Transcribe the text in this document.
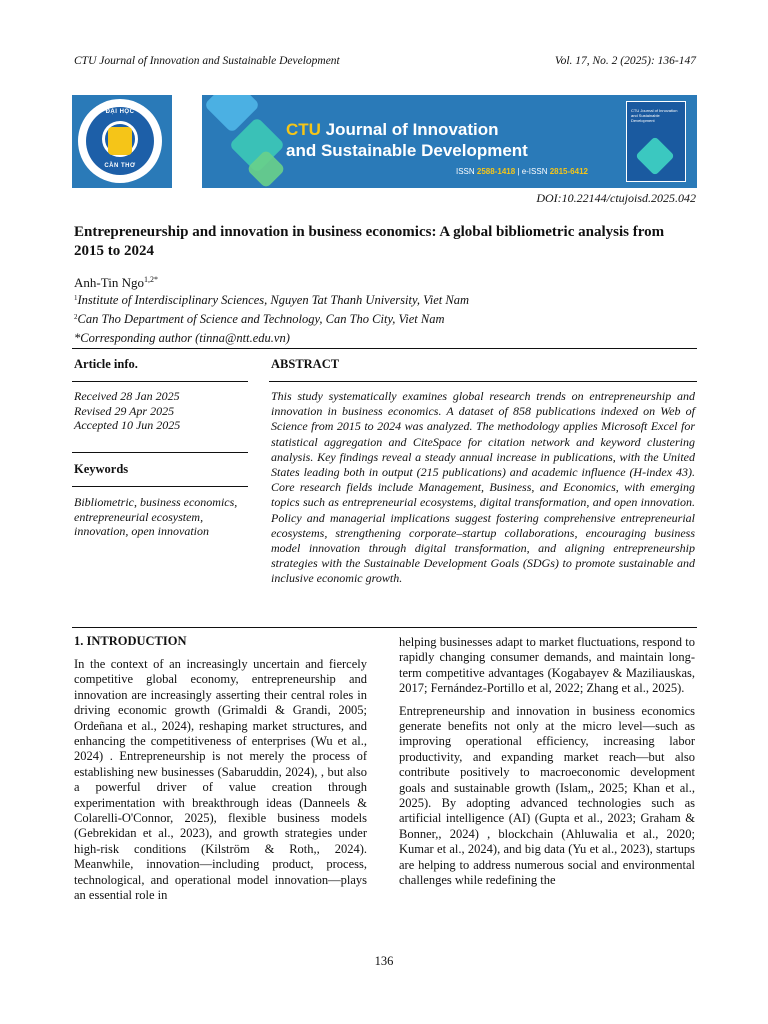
CTU Journal of Innovation and Sustainable Development	Vol. 17, No. 2 (2025): 136-147
ĐẠI HỌC
CẦN THƠ
CTU Journal of Innovation
and Sustainable Development
ISSN 2588-1418 | e-ISSN 2815-6412
CTU Journal of Innovation and Sustainable Development
DOI:10.22144/ctujoisd.2025.042
Entrepreneurship and innovation in business economics: A global bibliometric analysis from 2015 to 2024
Anh-Tin Ngo$^{1,2*}$
$^1$Institute of Interdisciplinary Sciences, Nguyen Tat Thanh University, Viet Nam
$^2$Can Tho Department of Science and Technology, Can Tho City, Viet Nam
*Corresponding author (tinna@ntt.edu.vn)
Article info.
Received 28 Jan 2025
Revised 29 Apr 2025
Accepted 10 Jun 2025
Keywords
Bibliometric, business economics, entrepreneurial ecosystem, innovation, open innovation
ABSTRACT
This study systematically examines global research trends on entrepreneurship and innovation in business economics. A dataset of 858 publications indexed on Web of Science from 2015 to 2024 was analyzed. The methodology applies Microsoft Excel for statistical aggregation and CiteSpace for citation network and keyword clustering analysis. Key findings reveal a steady annual increase in publications, with the United States leading both in output (215 publications) and academic influence (H-index 43). Core research fields include Management, Business, and Economics, with emerging topics such as entrepreneurial ecosystems, digital transformation, and open innovation. Policy and managerial implications suggest fostering comprehensive entrepreneurial ecosystems, strengthening corporate–startup collaborations, encouraging business model innovation through digital transformation, and aligning entrepreneurship strategies with the Sustainable Development Goals (SDGs) to promote sustainable and inclusive economic growth.
1. INTRODUCTION

In the context of an increasingly uncertain and fiercely competitive global economy, entrepreneurship and innovation are increasingly asserting their central roles in driving economic growth (Grimaldi & Grandi, 2005; Ordeñana et al., 2024), reshaping market structures, and enhancing the competitiveness of enterprises (Wu et al., 2024) . Entrepreneurship is not merely the process of establishing new businesses (Sabaruddin, 2024), , but also a powerful driver of value creation through experimentation with breakthrough ideas (Danneels & Colarelli-O'Connor, 2025), flexible business models (Gebrekidan et al., 2023), and growth strategies under high-risk conditions (Kilström & Roth,, 2024). Meanwhile, innovation—including product, process, technological, and operational model innovation—plays an essential role in

helping businesses adapt to market fluctuations, respond to rapidly changing consumer demands, and maintain long-term competitive advantages (Kogabayev & Maziliauskas, 2017; Fernández-Portillo et al, 2022; Zhang et al., 2025).

Entrepreneurship and innovation in business economics generate benefits not only at the micro level—such as improving operational efficiency, increasing labor productivity, and expanding market reach—but also contribute positively to macroeconomic development goals and sustainable growth (Islam,, 2025; Khan et al., 2025). By adopting advanced technologies such as artificial intelligence (AI) (Gupta et al., 2023; Graham & Bonner,, 2024) , blockchain (Ahluwalia et al., 2020; Kumar et al., 2024), and big data (Yu et al., 2023), startups are helping to address numerous social and environmental challenges while redefining the

136
